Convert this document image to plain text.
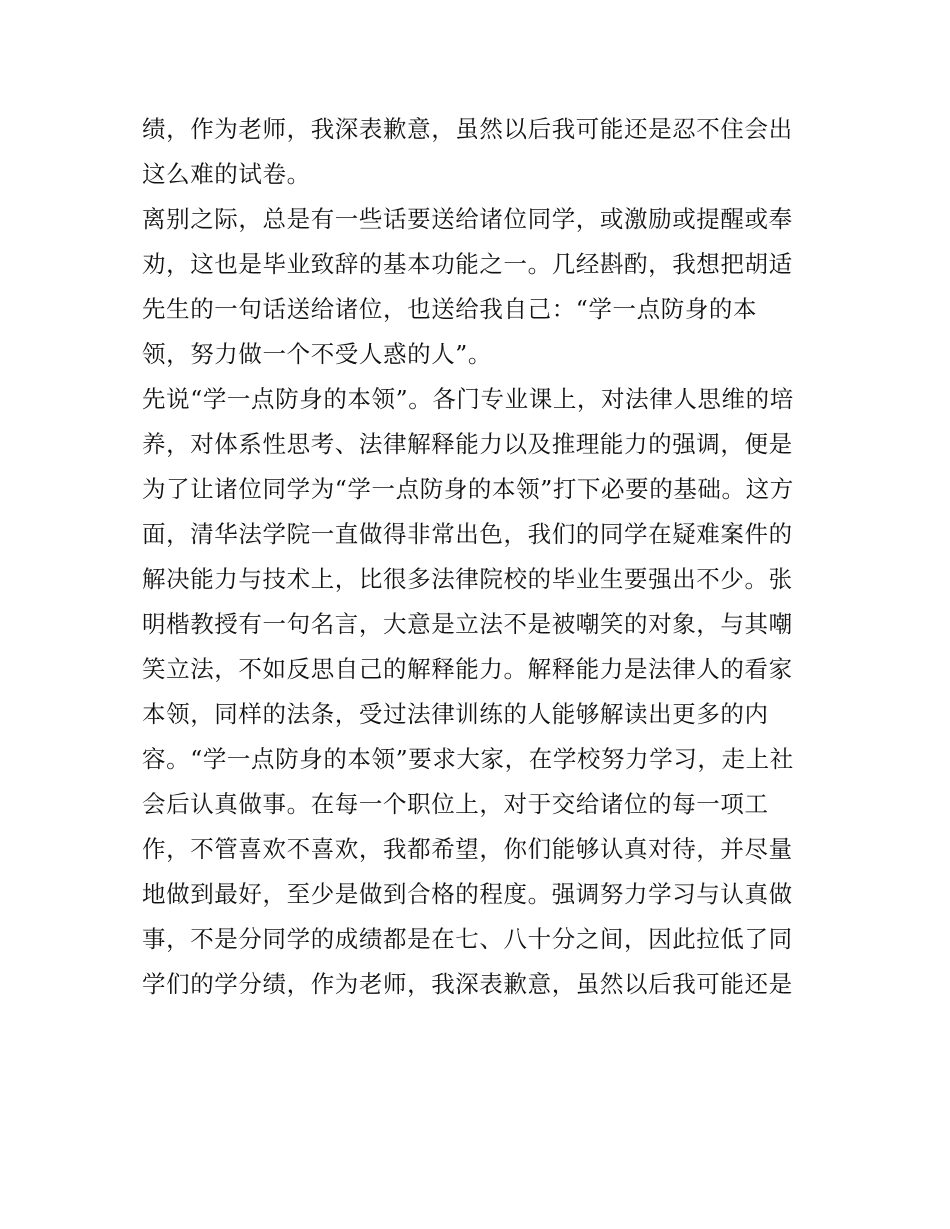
绩，作为老师，我深表歉意，虽然以后我可能还是忍不住会出
这么难的试卷。
离别之际，总是有一些话要送给诸位同学，或激励或提醒或奉
劝，这也是毕业致辞的基本功能之一。几经斟酌，我想把胡适
先生的一句话送给诸位，也送给我自己：“学一点防身的本
领，努力做一个不受人惑的人”。
先说“学一点防身的本领”。各门专业课上，对法律人思维的培
养，对体系性思考、法律解释能力以及推理能力的强调，便是
为了让诸位同学为“学一点防身的本领”打下必要的基础。这方
面，清华法学院一直做得非常出色，我们的同学在疑难案件的
解决能力与技术上，比很多法律院校的毕业生要强出不少。张
明楷教授有一句名言，大意是立法不是被嘲笑的对象，与其嘲
笑立法，不如反思自己的解释能力。解释能力是法律人的看家
本领，同样的法条，受过法律训练的人能够解读出更多的内
容。“学一点防身的本领”要求大家，在学校努力学习，走上社
会后认真做事。在每一个职位上，对于交给诸位的每一项工
作，不管喜欢不喜欢，我都希望，你们能够认真对待，并尽量
地做到最好，至少是做到合格的程度。强调努力学习与认真做
事，不是分同学的成绩都是在七、八十分之间，因此拉低了同
学们的学分绩，作为老师，我深表歉意，虽然以后我可能还是
